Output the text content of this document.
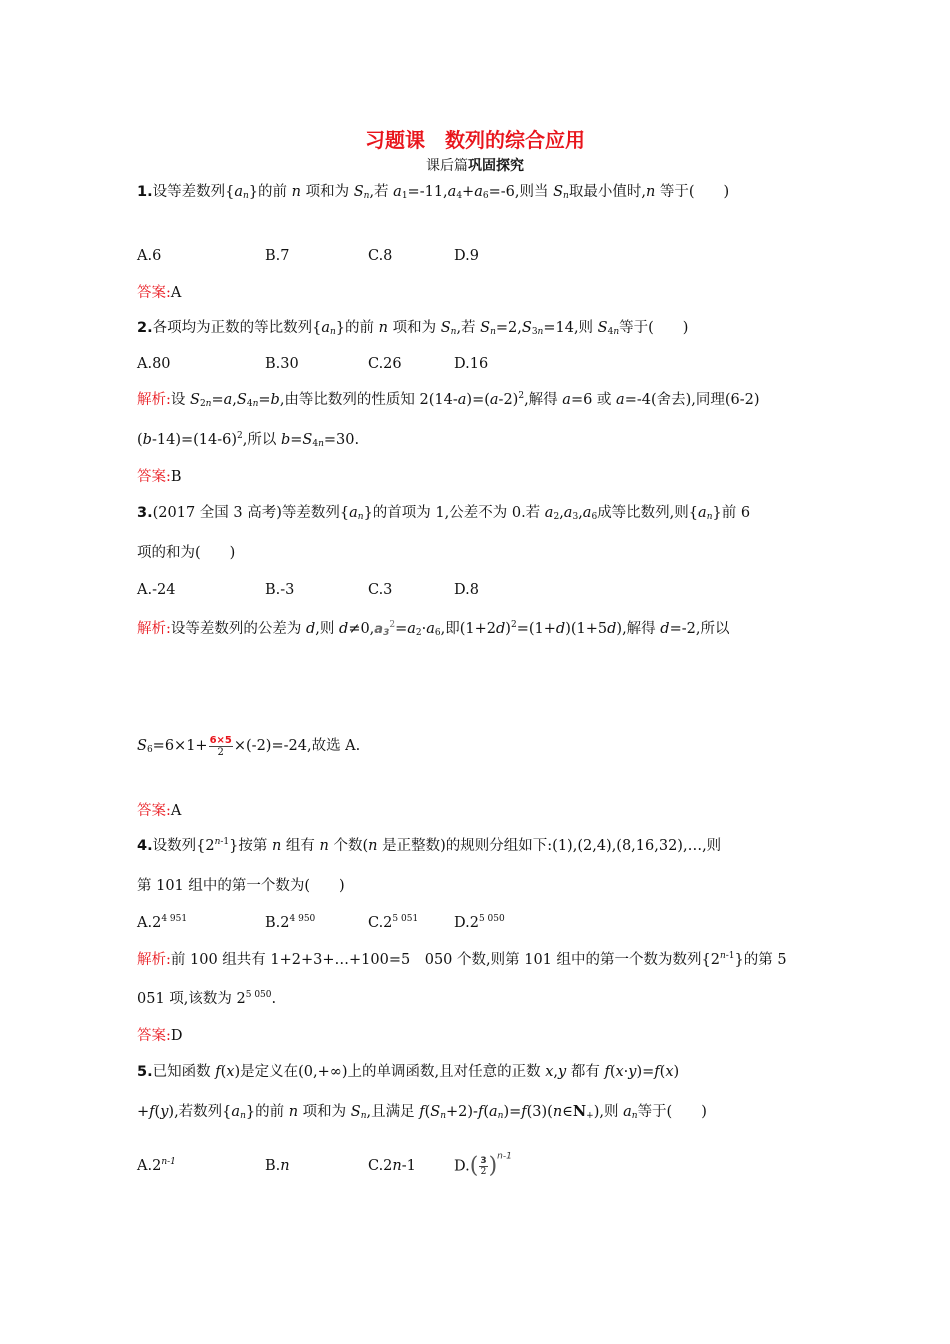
习题课　数列的综合应用
课后篇巩固探究
1.设等差数列$\{a_n\}$的前 n 项和为 $S_n$,若 $a_1=-11,a_4+a_6=-6$,则当 $S_n$取最小值时,n 等于(　　)
A.6	B.7	C.8	D.9
答案:A
2.各项均为正数的等比数列$\{a_n\}$的前 n 项和为 $S_n$,若 $S_n=2,S_{3n}=14$,则 $S_{4n}$等于(　　)
A.80	B.30	C.26	D.16
解析:设 $S_{2n}=a,S_{4n}=b$,由等比数列的性质知 $2(14-a)=(a-2)^2$,解得 a=6 或 a=-4(舍去),同理(6-2)
$(b-14)=(14-6)^2$,所以 $b=S_{4n}=30$.
答案:B
3.(2017 全国 3 高考)等差数列$\{a_n\}$的首项为 1,公差不为 0.若 $a_2,a_3,a_6$成等比数列,则$\{a_n\}$前 6
项的和为(　　)
A.-24	B.-3	C.3	D.8
解析:设等差数列的公差为 d,则 $d\ne 0,a_3^2=a_2\cdot a_6$,即$(1+2d)^2=(1+d)(1+5d)$,解得 d=-2,所以
$S_6=6\times 1+ \frac{6\times 5}{2} \times(-2)=-24$,故选 A.
答案:A
4.设数列{2$^{n-1}$}按第 n 组有 n 个数(n 是正整数)的规则分组如下:(1),(2,4),(8,16,32),…,则
第 101 组中的第一个数为(　　)
$A.2^{4 951}$	$B.2^{4 950}$	$C.2^{5 051}$ $D.2^{5 050}$
解析:前 100 组共有 1+2+3+…+100=5　050 个数,则第 101 组中的第一个数为数列{2$^{n-1}$}的第 5
051 项,该数为 $2^{5 050}$.
答案:D
5.已知函数 f(x)是定义在(0,+∞)上的单调函数,且对任意的正数 x,y 都有 f(x·y)=f(x)
+f(y),若数列$\{a_n\}$的前 n 项和为 $S_n$,且满足 $f(S_n+2)-f(a_n)=f(3)(n\in N_+)$,则 $a_n$等于(　　)
A.2$^{n-1}$	B.n	C.2n-1	$D.( \frac{3}{2} )^{n-1}$
